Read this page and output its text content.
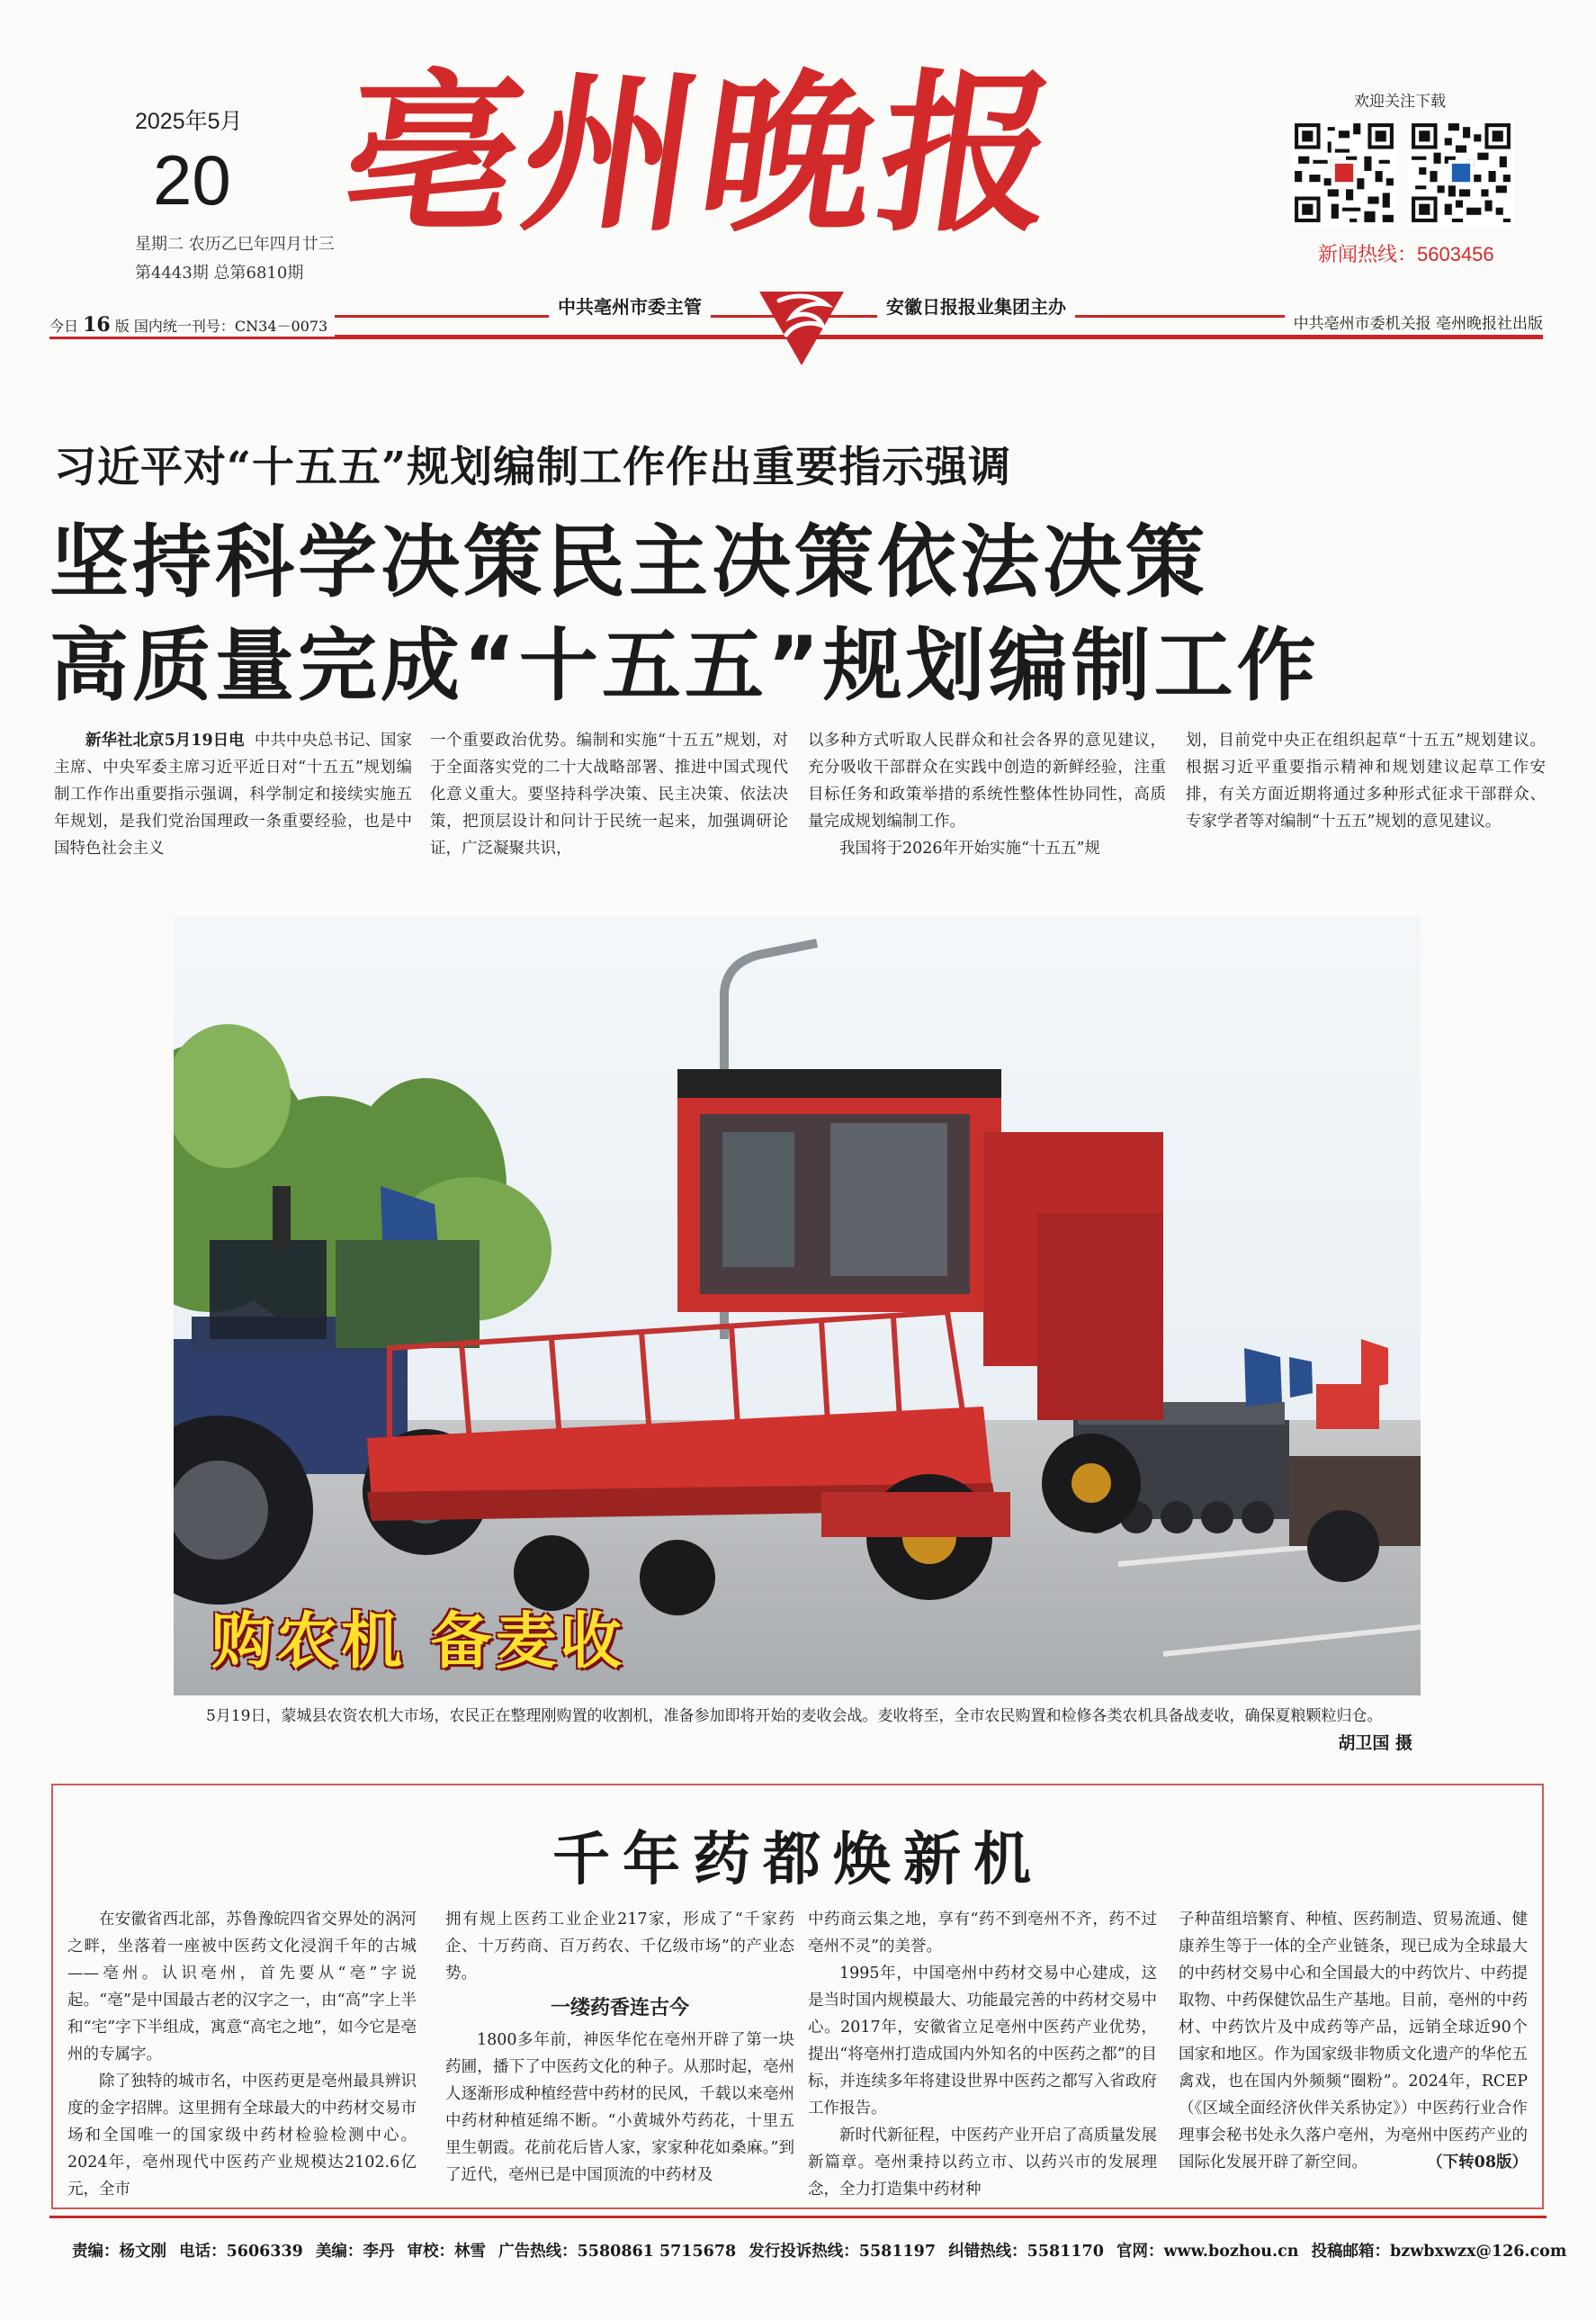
2025年5月
20
星期二 农历乙巳年四月廿三
第4443期 总第6810期
亳州晚报	欢迎关注下载
新闻热线：5603456
中共亳州市委主管	安徽日报报业集团主办
今日 16 版 国内统一刊号：CN34－0073	中共亳州市委机关报 亳州晚报社出版
习近平对“十五五”规划编制工作作出重要指示强调
坚持科学决策民主决策依法决策
高质量完成“十五五”规划编制工作

新华社北京5月19日电 中共中央总书记、国家主席、中央军委主席习近平近日对“十五五”规划编制工作作出重要指示强调，科学制定和接续实施五年规划，是我们党治国理政一条重要经验，也是中国特色社会主义

一个重要政治优势。编制和实施“十五五”规划，对于全面落实党的二十大战略部署、推进中国式现代化意义重大。要坚持科学决策、民主决策、依法决策，把顶层设计和问计于民统一起来，加强调研论证，广泛凝聚共识，

以多种方式听取人民群众和社会各界的意见建议，充分吸收干部群众在实践中创造的新鲜经验，注重目标任务和政策举措的系统性整体性协同性，高质量完成规划编制工作。

我国将于2026年开始实施“十五五”规

划，目前党中央正在组织起草“十五五”规划建议。根据习近平重要指示精神和规划建议起草工作安排，有关方面近期将通过多种形式征求干部群众、专家学者等对编制“十五五”规划的意见建议。

购农机 备麦收
5月19日，蒙城县农资农机大市场，农民正在整理刚购置的收割机，准备参加即将开始的麦收会战。麦收将至，全市农民购置和检修各类农机具备战麦收，确保夏粮颗粒归仓。
胡卫国 摄
千年药都焕新机

在安徽省西北部，苏鲁豫皖四省交界处的涡河之畔，坐落着一座被中医药文化浸润千年的古城——亳州。认识亳州，首先要从“亳”字说起。“亳”是中国最古老的汉字之一，由“高”字上半和“宅”字下半组成，寓意“高宅之地”，如今它是亳州的专属字。

除了独特的城市名，中医药更是亳州最具辨识度的金字招牌。这里拥有全球最大的中药材交易市场和全国唯一的国家级中药材检验检测中心。2024年，亳州现代中医药产业规模达2102.6亿元，全市

拥有规上医药工业企业217家，形成了“千家药企、十万药商、百万药农、千亿级市场”的产业态势。

一缕药香连古今

1800多年前，神医华佗在亳州开辟了第一块药圃，播下了中医药文化的种子。从那时起，亳州人逐渐形成种植经营中药材的民风，千载以来亳州中药材种植延绵不断。“小黄城外芍药花，十里五里生朝霞。花前花后皆人家，家家种花如桑麻。”到了近代，亳州已是中国顶流的中药材及

中药商云集之地，享有“药不到亳州不齐，药不过亳州不灵”的美誉。

1995年，中国亳州中药材交易中心建成，这是当时国内规模最大、功能最完善的中药材交易中心。2017年，安徽省立足亳州中医药产业优势，提出“将亳州打造成国内外知名的中医药之都”的目标，并连续多年将建设世界中医药之都写入省政府工作报告。

新时代新征程，中医药产业开启了高质量发展新篇章。亳州秉持以药立市、以药兴市的发展理念，全力打造集中药材种

子种苗组培繁育、种植、医药制造、贸易流通、健康养生等于一体的全产业链条，现已成为全球最大的中药材交易中心和全国最大的中药饮片、中药提取物、中药保健饮品生产基地。目前，亳州的中药材、中药饮片及中成药等产品，远销全球近90个国家和地区。作为国家级非物质文化遗产的华佗五禽戏，也在国内外频频“圈粉”。2024年，RCEP（《区域全面经济伙伴关系协定》）中医药行业合作理事会秘书处永久落户亳州，为亳州中医药产业的国际化发展开辟了新空间。	（下转08版）

责编：杨文刚 电话：5606339 美编：李丹 审校：林雪 广告热线：5580861 5715678 发行投诉热线：5581197 纠错热线：5581170 官网：www.bozhou.cn 投稿邮箱：bzwbxwzx@126.com
